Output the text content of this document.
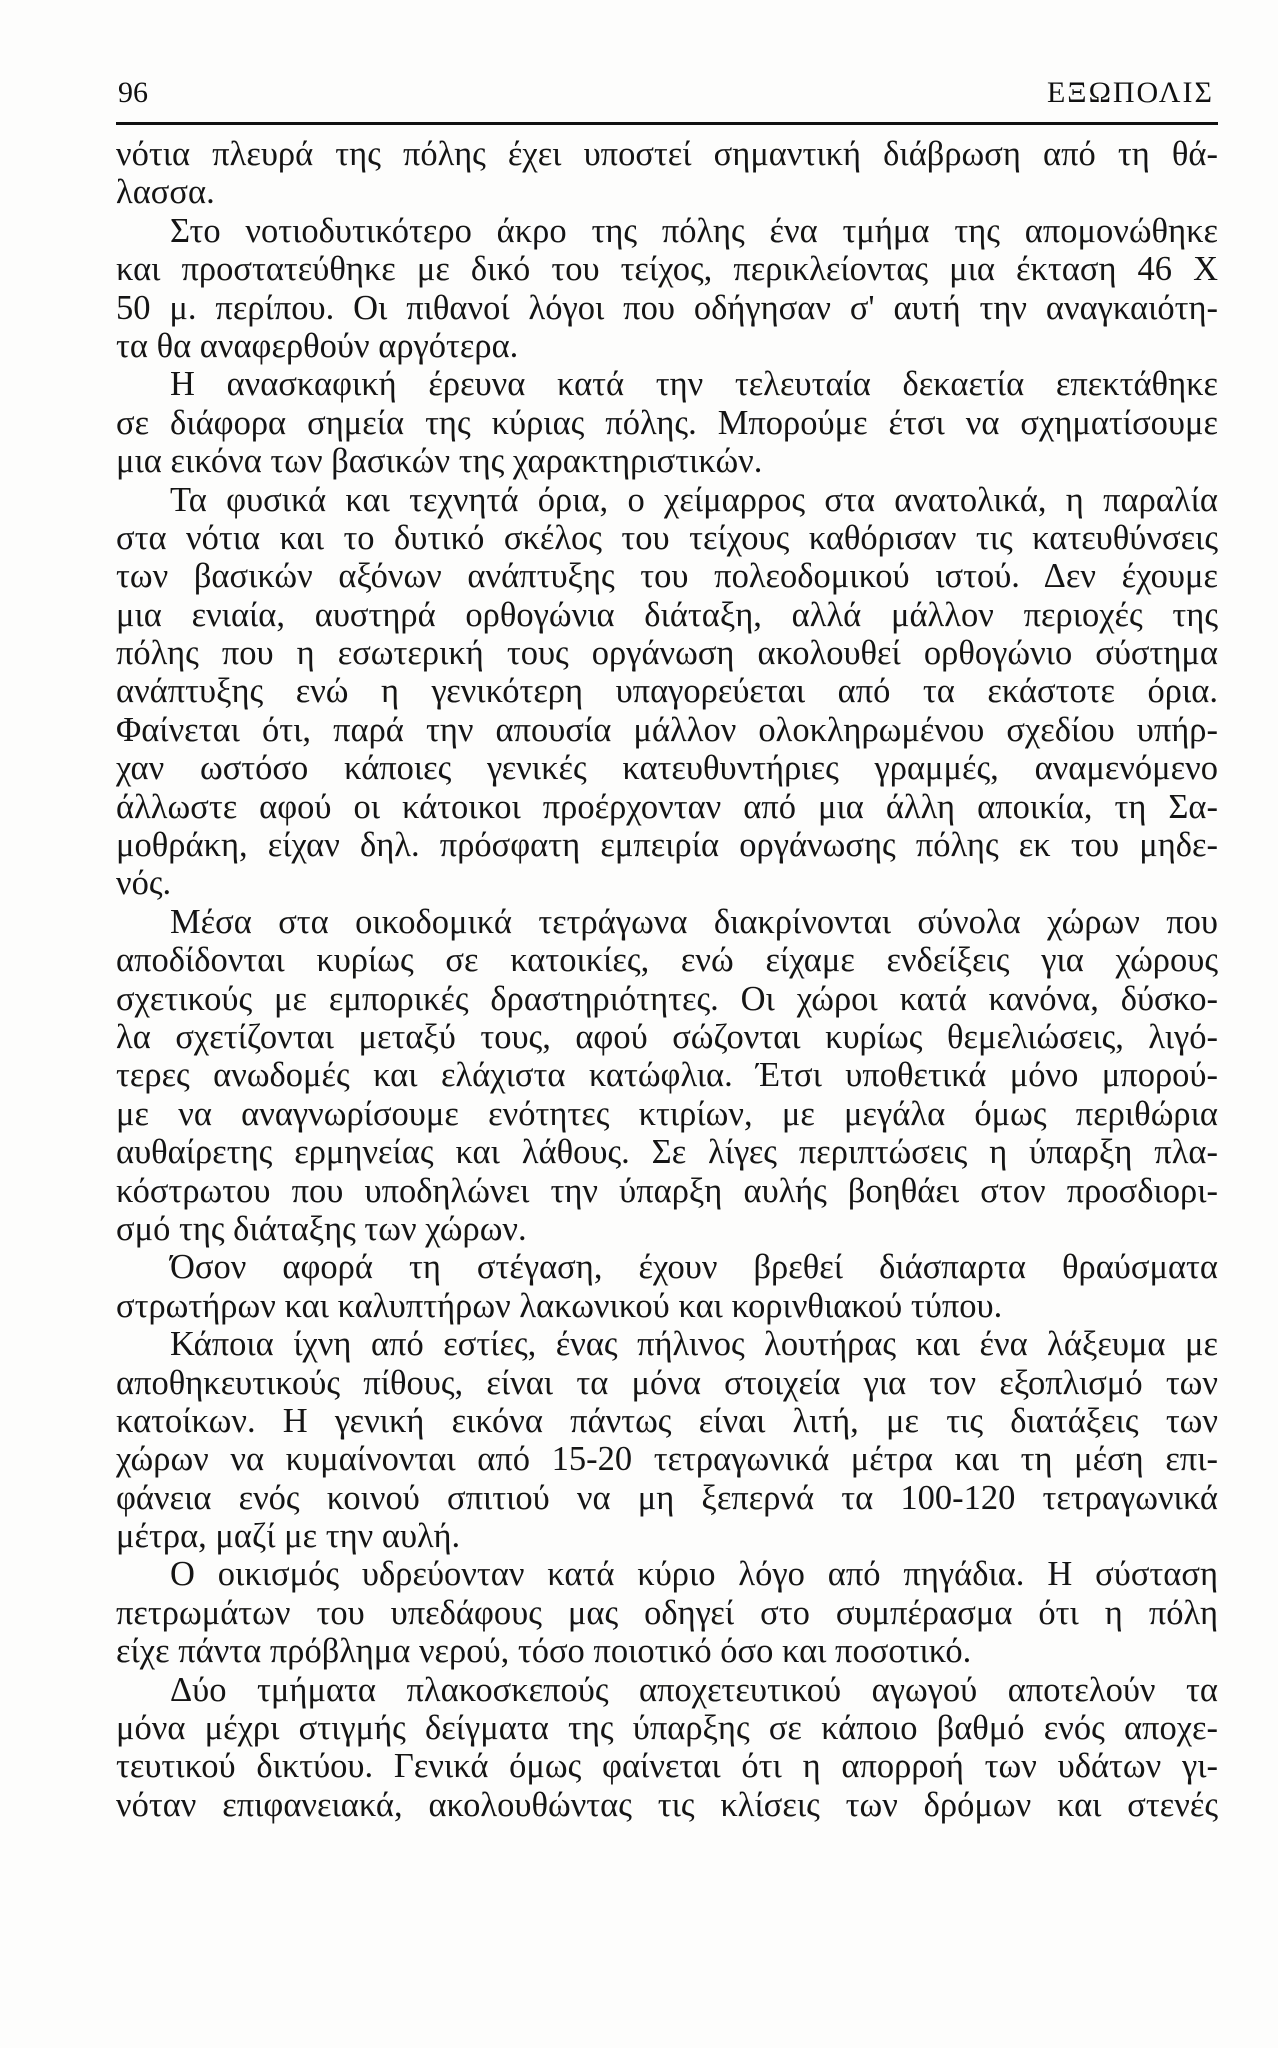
96	ΕΞΩΠΟΛΙΣ
νότια πλευρά της πόλης έχει υποστεί σημαντική διάβρωση από τη θά-
λασσα.
Στο νοτιοδυτικότερο άκρο της πόλης ένα τμήμα της απομονώθηκε
και προστατεύθηκε με δικό του τείχος, περικλείοντας μια έκταση 46 Χ
50 μ. περίπου. Οι πιθανοί λόγοι που οδήγησαν σ' αυτή την αναγκαιότη-
τα θα αναφερθούν αργότερα.
Η ανασκαφική έρευνα κατά την τελευταία δεκαετία επεκτάθηκε
σε διάφορα σημεία της κύριας πόλης. Μπορούμε έτσι να σχηματίσουμε
μια εικόνα των βασικών της χαρακτηριστικών.
Τα φυσικά και τεχνητά όρια, ο χείμαρρος στα ανατολικά, η παραλία
στα νότια και το δυτικό σκέλος του τείχους καθόρισαν τις κατευθύνσεις
των βασικών αξόνων ανάπτυξης του πολεοδομικού ιστού. Δεν έχουμε
μια ενιαία, αυστηρά ορθογώνια διάταξη, αλλά μάλλον περιοχές της
πόλης που η εσωτερική τους οργάνωση ακολουθεί ορθογώνιο σύστημα
ανάπτυξης ενώ η γενικότερη υπαγορεύεται από τα εκάστοτε όρια.
Φαίνεται ότι, παρά την απουσία μάλλον ολοκληρωμένου σχεδίου υπήρ-
χαν ωστόσο κάποιες γενικές κατευθυντήριες γραμμές, αναμενόμενο
άλλωστε αφού οι κάτοικοι προέρχονταν από μια άλλη αποικία, τη Σα-
μοθράκη, είχαν δηλ. πρόσφατη εμπειρία οργάνωσης πόλης εκ του μηδε-
νός.
Μέσα στα οικοδομικά τετράγωνα διακρίνονται σύνολα χώρων που
αποδίδονται κυρίως σε κατοικίες, ενώ είχαμε ενδείξεις για χώρους
σχετικούς με εμπορικές δραστηριότητες. Οι χώροι κατά κανόνα, δύσκο-
λα σχετίζονται μεταξύ τους, αφού σώζονται κυρίως θεμελιώσεις, λιγό-
τερες ανωδομές και ελάχιστα κατώφλια. Έτσι υποθετικά μόνο μπορού-
με να αναγνωρίσουμε ενότητες κτιρίων, με μεγάλα όμως περιθώρια
αυθαίρετης ερμηνείας και λάθους. Σε λίγες περιπτώσεις η ύπαρξη πλα-
κόστρωτου που υποδηλώνει την ύπαρξη αυλής βοηθάει στον προσδιορι-
σμό της διάταξης των χώρων.
Όσον αφορά τη στέγαση, έχουν βρεθεί διάσπαρτα θραύσματα
στρωτήρων και καλυπτήρων λακωνικού και κορινθιακού τύπου.
Κάποια ίχνη από εστίες, ένας πήλινος λουτήρας και ένα λάξευμα με
αποθηκευτικούς πίθους, είναι τα μόνα στοιχεία για τον εξοπλισμό των
κατοίκων. Η γενική εικόνα πάντως είναι λιτή, με τις διατάξεις των
χώρων να κυμαίνονται από 15-20 τετραγωνικά μέτρα και τη μέση επι-
φάνεια ενός κοινού σπιτιού να μη ξεπερνά τα 100-120 τετραγωνικά
μέτρα, μαζί με την αυλή.
Ο οικισμός υδρεύονταν κατά κύριο λόγο από πηγάδια. Η σύσταση
πετρωμάτων του υπεδάφους μας οδηγεί στο συμπέρασμα ότι η πόλη
είχε πάντα πρόβλημα νερού, τόσο ποιοτικό όσο και ποσοτικό.
Δύο τμήματα πλακοσκεπούς αποχετευτικού αγωγού αποτελούν τα
μόνα μέχρι στιγμής δείγματα της ύπαρξης σε κάποιο βαθμό ενός αποχε-
τευτικού δικτύου. Γενικά όμως φαίνεται ότι η απορροή των υδάτων γι-
νόταν επιφανειακά, ακολουθώντας τις κλίσεις των δρόμων και στενές
